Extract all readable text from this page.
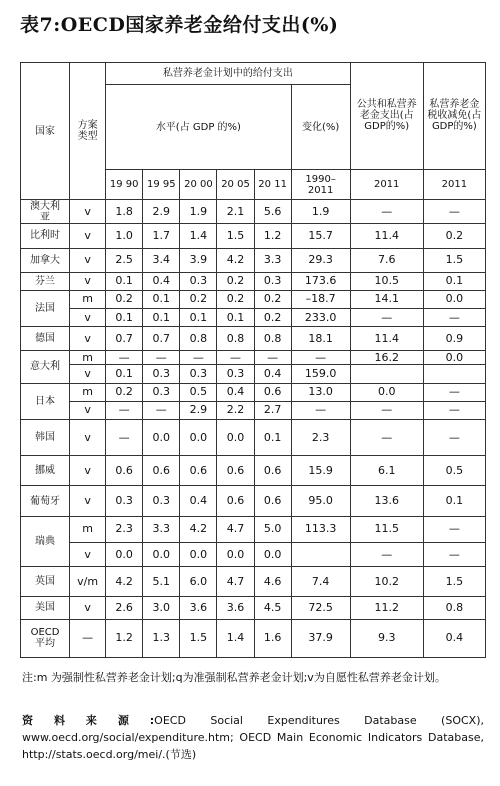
表7:OECD国家养老金给付支出(%)
国家	方案类型	私营养老金计划中的给付支出						公共和私营养老金支出(占GDP的%)	私营养老金税收减免(占GDP的%)
		水平(占 GDP 的%)					变化(%)		
		19 90	19 95	20 00	20 05	20 11	1990–2011	2011	2011
澳大利亚	v	1.8	2.9	1.9	2.1	5.6	1.9	—	—
比利时	v	1.0	1.7	1.4	1.5	1.2	15.7	11.4	0.2
加拿大	v	2.5	3.4	3.9	4.2	3.3	29.3	7.6	1.5
芬兰	v	0.1	0.4	0.3	0.2	0.3	173.6	10.5	0.1
法国	m	0.2	0.1	0.2	0.2	0.2	–18.7	14.1	0.0
	v	0.1	0.1	0.1	0.1	0.2	233.0	—	—
德国	v	0.7	0.7	0.8	0.8	0.8	18.1	11.4	0.9
意大利	m	—	—	—	—	—	—	16.2	0.0
	v	0.1	0.3	0.3	0.3	0.4	159.0		
日本	m	0.2	0.3	0.5	0.4	0.6	13.0	0.0	—
	v	—	—	2.9	2.2	2.7	—	—	—
韩国	v	—	0.0	0.0	0.0	0.1	2.3	—	—
挪威	v	0.6	0.6	0.6	0.6	0.6	15.9	6.1	0.5
葡萄牙	v	0.3	0.3	0.4	0.6	0.6	95.0	13.6	0.1
瑞典	m	2.3	3.3	4.2	4.7	5.0	113.3	11.5	—
	v	0.0	0.0	0.0	0.0	0.0		—	—
英国	v/m	4.2	5.1	6.0	4.7	4.6	7.4	10.2	1.5
美国	v	2.6	3.0	3.6	3.6	4.5	72.5	11.2	0.8
OECD平均	—	1.2	1.3	1.5	1.4	1.6	37.9	9.3	0.4
注:m 为强制性私营养老金计划;q为准强制私营养老金计划;v为自愿性私营养老金计划。
资料来源:OECD Social Expenditures Database (SOCX), www.oecd.org/social/expenditure.htm; OECD Main Economic Indicators Database, http://stats.oecd.org/mei/.(节选)
